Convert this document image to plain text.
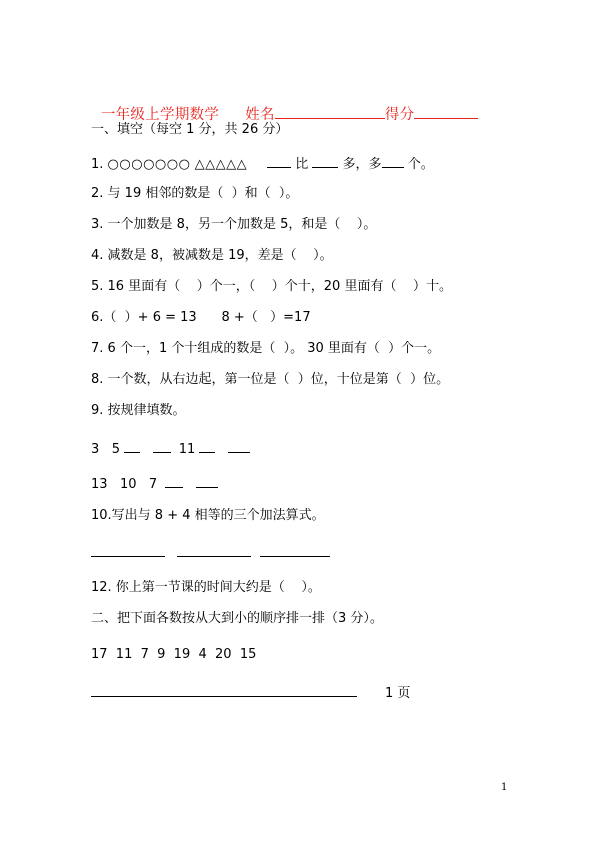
一年级上学期数学 姓名	得分

一、填空（每空 1 分，共 26 分）
1. ○○○○○○○ △△△△△	比	多，多 个。
2. 与 19 相邻的数是（  ）和（  ）。
3. 一个加数是 8，另一个加数是 5，和是（    ）。
4. 减数是 8，被减数是 19，差是（    ）。
5. 16 里面有（    ）个一，（    ）个十，20 里面有（    ）十。
6.（  ）+ 6 = 13      8 +（   ）=17
7. 6 个一，1 个十组成的数是（  ）。 30 里面有（  ）个一。
8. 一个数，从右边起，第一位是（  ）位，十位是第（  ）位。
9. 按规律填数。
3 5	11
13 10 7
10.写出与 8 + 4 相等的三个加法算式。

12. 你上第一节课的时间大约是（    ）。
二、把下面各数按从大到小的顺序排一排（3 分）。
17  11  7  9  19  4  20  15
1 页
1
